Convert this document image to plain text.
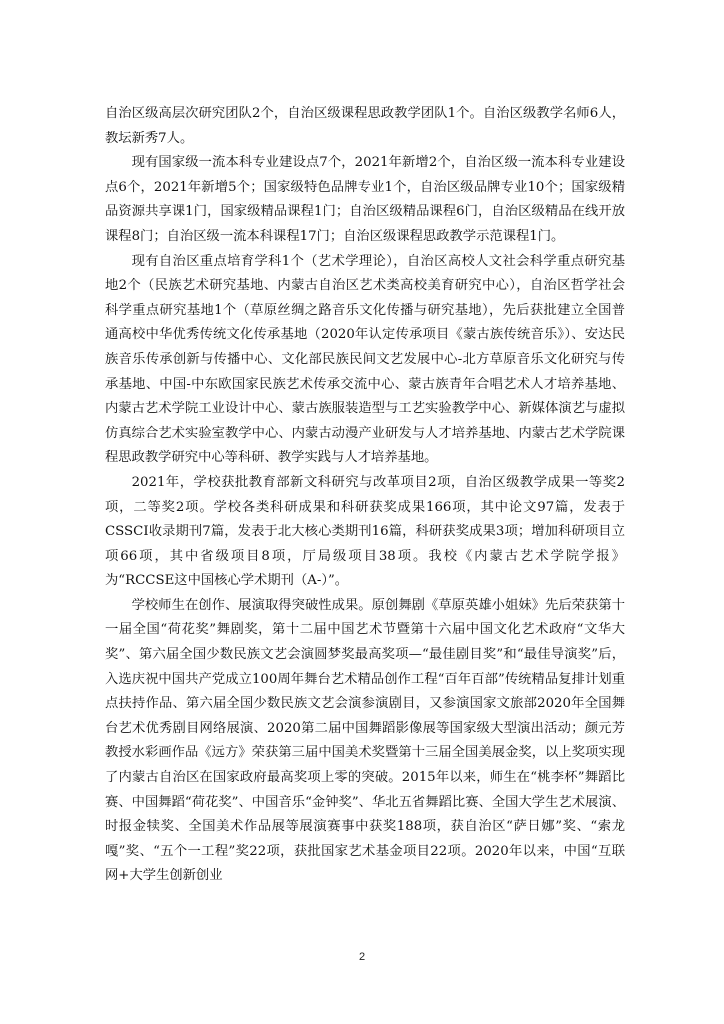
自治区级高层次研究团队2个，自治区级课程思政教学团队1个。自治区级教学名师6人，教坛新秀7人。

现有国家级一流本科专业建设点7个，2021年新增2个，自治区级一流本科专业建设点6个，2021年新增5个；国家级特色品牌专业1个，自治区级品牌专业10个；国家级精品资源共享课1门，国家级精品课程1门；自治区级精品课程6门，自治区级精品在线开放课程8门；自治区级一流本科课程17门；自治区级课程思政教学示范课程1门。

现有自治区重点培育学科1个（艺术学理论），自治区高校人文社会科学重点研究基地2个（民族艺术研究基地、内蒙古自治区艺术类高校美育研究中心），自治区哲学社会科学重点研究基地1个（草原丝绸之路音乐文化传播与研究基地），先后获批建立全国普通高校中华优秀传统文化传承基地（2020年认定传承项目《蒙古族传统音乐》）、安达民族音乐传承创新与传播中心、文化部民族民间文艺发展中心-北方草原音乐文化研究与传承基地、中国-中东欧国家民族艺术传承交流中心、蒙古族青年合唱艺术人才培养基地、内蒙古艺术学院工业设计中心、蒙古族服装造型与工艺实验教学中心、新媒体演艺与虚拟仿真综合艺术实验室教学中心、内蒙古动漫产业研发与人才培养基地、内蒙古艺术学院课程思政教学研究中心等科研、教学实践与人才培养基地。

2021年，学校获批教育部新文科研究与改革项目2项，自治区级教学成果一等奖2项，二等奖2项。学校各类科研成果和科研获奖成果166项，其中论文97篇，发表于CSSCI收录期刊7篇，发表于北大核心类期刊16篇，科研获奖成果3项；增加科研项目立项66项，其中省级项目8项，厅局级项目38项。我校《内蒙古艺术学院学报》为“RCCSE这中国核心学术期刊（A-）”。

学校师生在创作、展演取得突破性成果。原创舞剧《草原英雄小姐妹》先后荣获第十一届全国“荷花奖”舞剧奖，第十二届中国艺术节暨第十六届中国文化艺术政府“文华大奖”、第六届全国少数民族文艺会演圆梦奖最高奖项—“最佳剧目奖”和“最佳导演奖”后，入选庆祝中国共产党成立100周年舞台艺术精品创作工程“百年百部”传统精品复排计划重点扶持作品、第六届全国少数民族文艺会演参演剧目，又参演国家文旅部2020年全国舞台艺术优秀剧目网络展演、2020第二届中国舞蹈影像展等国家级大型演出活动；颜元芳教授水彩画作品《远方》荣获第三届中国美术奖暨第十三届全国美展金奖，以上奖项实现了内蒙古自治区在国家政府最高奖项上零的突破。2015年以来，师生在“桃李杯”舞蹈比赛、中国舞蹈“荷花奖”、中国音乐“金钟奖”、华北五省舞蹈比赛、全国大学生艺术展演、时报金犊奖、全国美术作品展等展演赛事中获奖188项，获自治区“萨日娜”奖、“索龙嘎”奖、“五个一工程”奖22项，获批国家艺术基金项目22项。2020年以来，中国“互联网+大学生创新创业

2
